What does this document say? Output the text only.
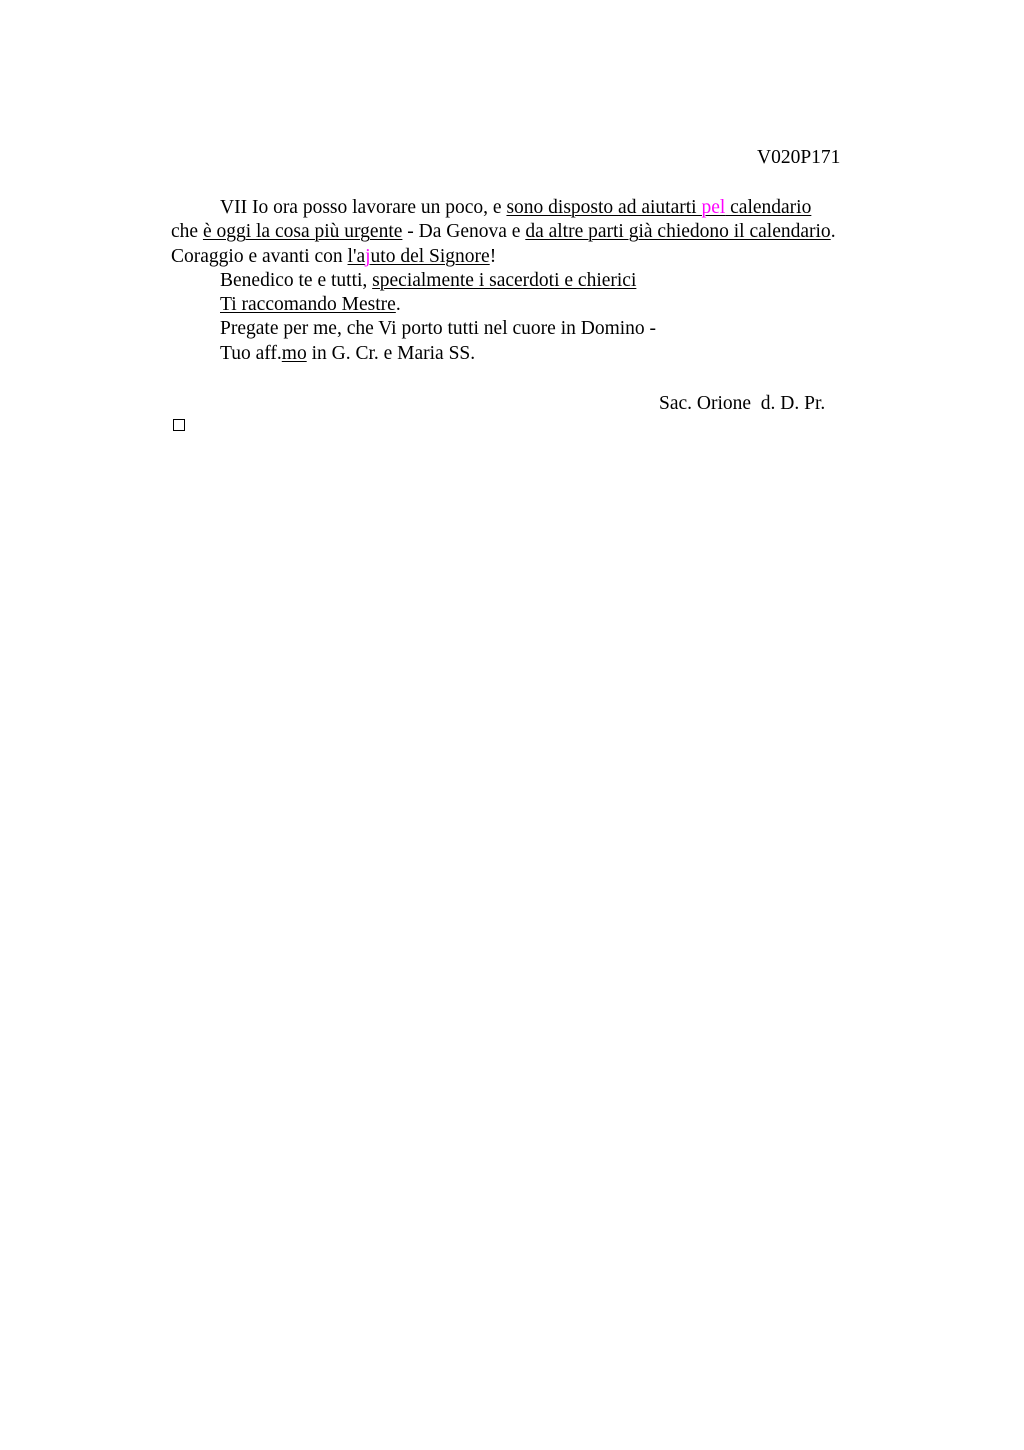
V020P171
VII Io ora posso lavorare un poco, e sono disposto ad aiutarti pel calendario
che è oggi la cosa più urgente - Da Genova e da altre parti già chiedono il calendario.
Coraggio e avanti con l'ajuto del Signore!
Benedico te e tutti, specialmente i sacerdoti e chierici
Ti raccomando Mestre.
Pregate per me, che Vi porto tutti nel cuore in Domino -
Tuo aff.mo in G. Cr. e Maria SS.
Sac. Orione  d. D. Pr.
